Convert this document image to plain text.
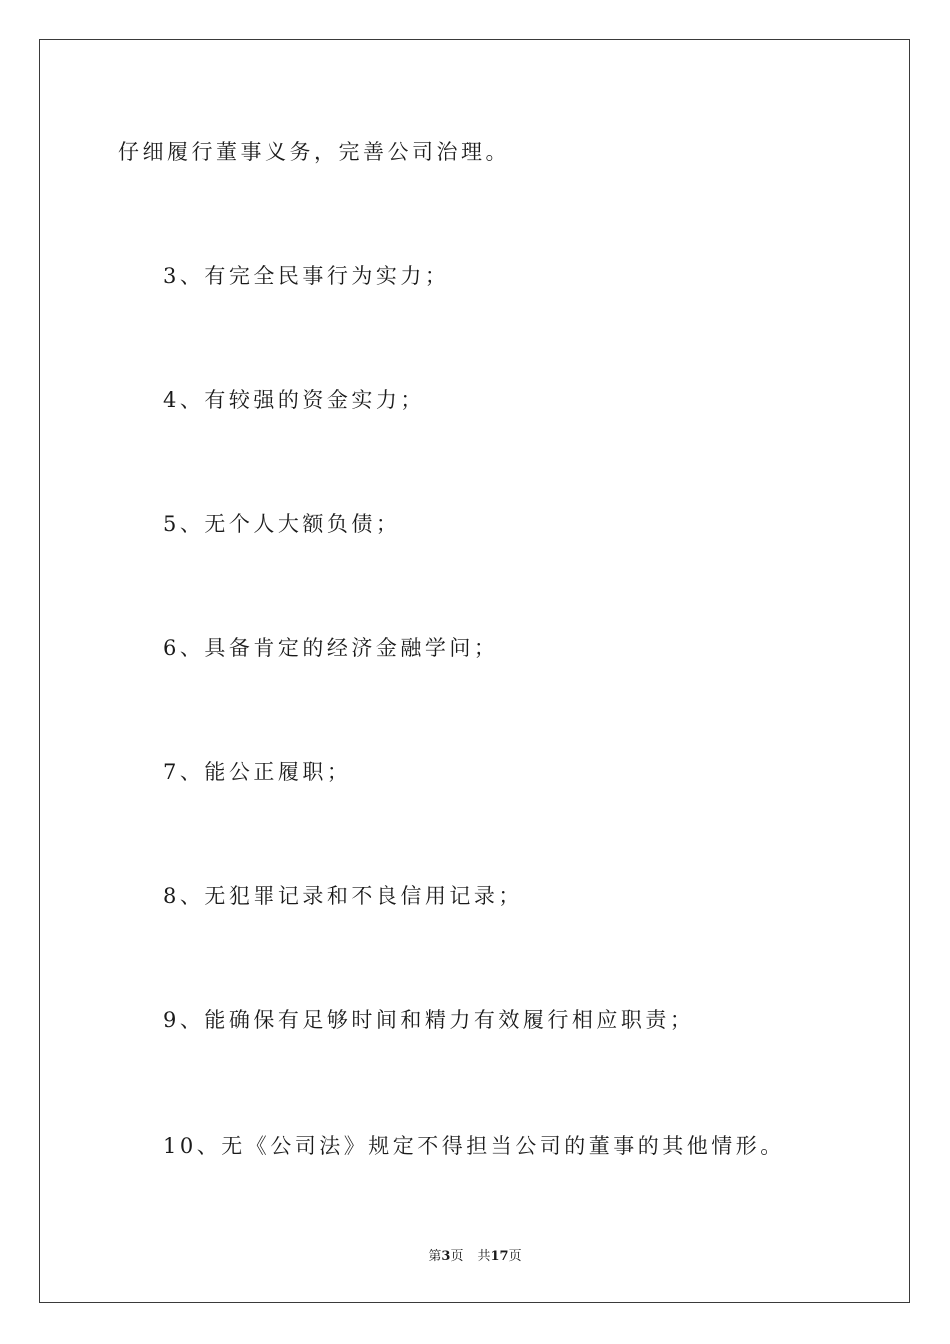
仔细履行董事义务，完善公司治理。
3、有完全民事行为实力；
4、有较强的资金实力；
5、无个人大额负债；
6、具备肯定的经济金融学问；
7、能公正履职；
8、无犯罪记录和不良信用记录；
9、能确保有足够时间和精力有效履行相应职责；
10、无《公司法》规定不得担当公司的董事的其他情形。
第3页 共17页
